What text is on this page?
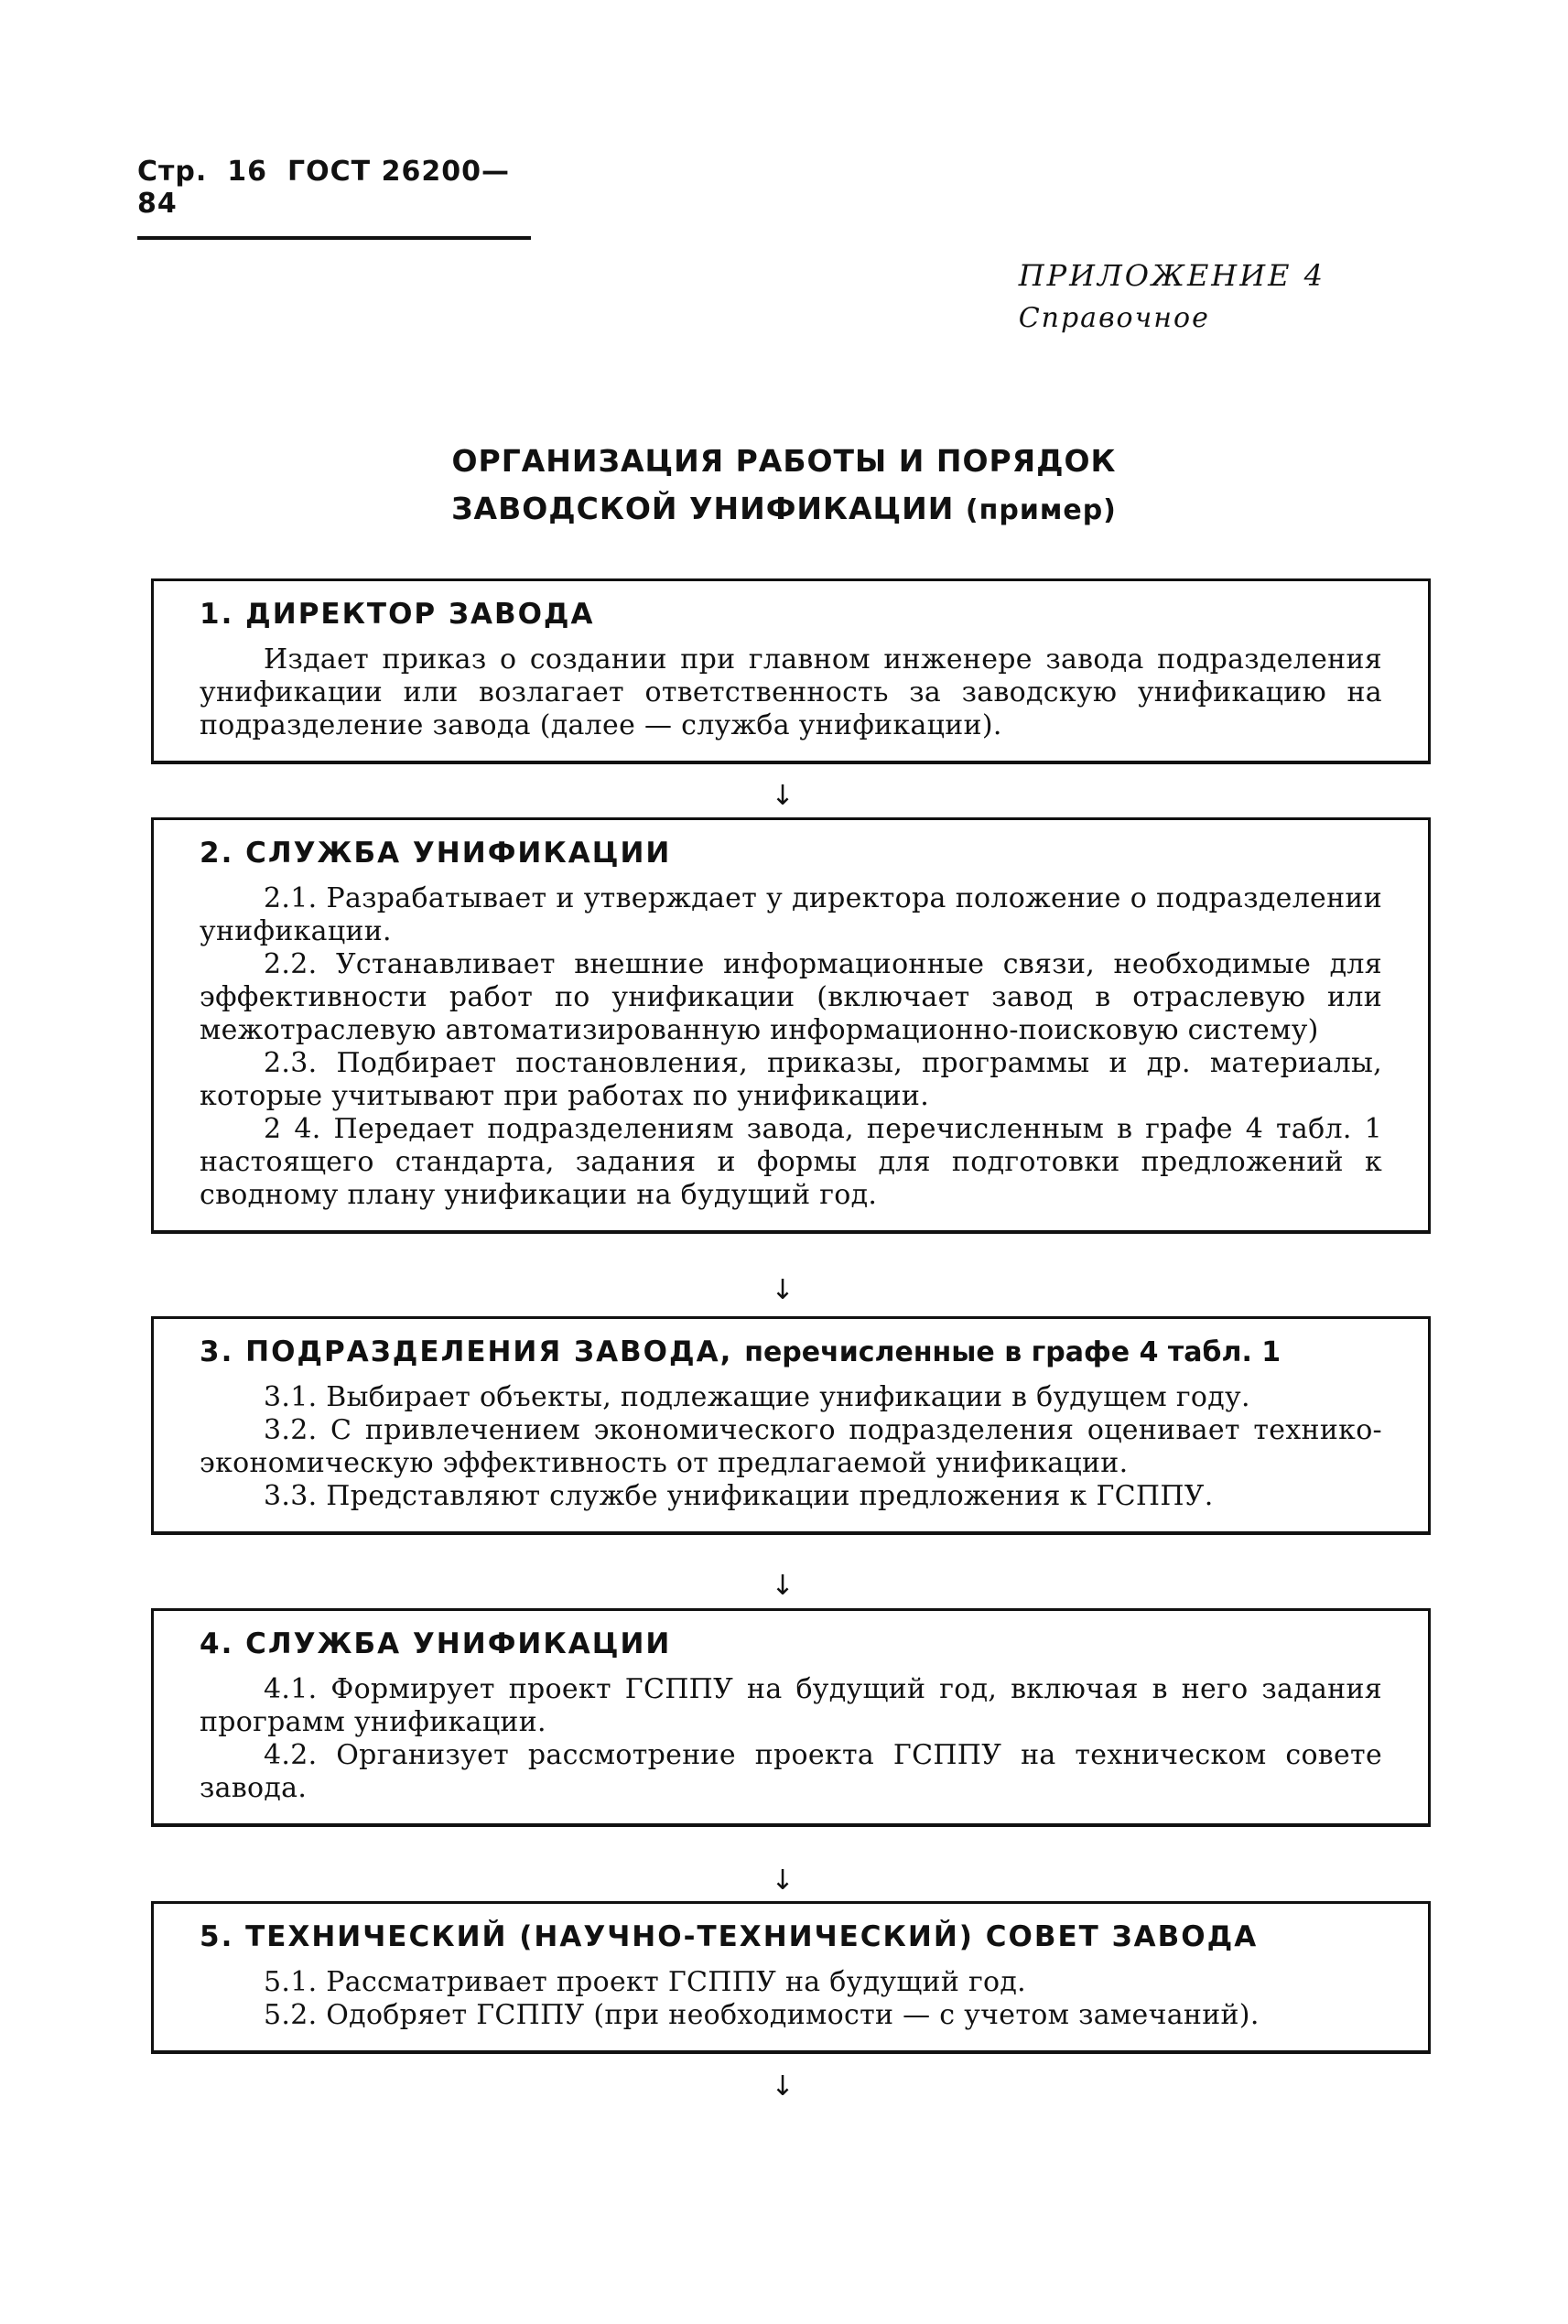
Стр. 16 ГОСТ 26200—84
ПРИЛОЖЕНИЕ 4
Справочное
ОРГАНИЗАЦИЯ РАБОТЫ И ПОРЯДОК
ЗАВОДСКОЙ УНИФИКАЦИИ (пример)
1. ДИРЕКТОР ЗАВОДА
Издает приказ о создании при главном инженере завода подразделения унификации или возлагает ответственность за заводскую унификацию на подразделение завода (далее — служба унификации).
↓
2. СЛУЖБА УНИФИКАЦИИ
2.1. Разрабатывает и утверждает у директора положение о подразделении унификации.
2.2. Устанавливает внешние информационные связи, необходимые для эффективности работ по унификации (включает завод в отраслевую или межотраслевую автоматизированную информационно-поисковую систему)
2.3. Подбирает постановления, приказы, программы и др. материалы, которые учитывают при работах по унификации.
2 4. Передает подразделениям завода, перечисленным в графе 4 табл. 1 настоящего стандарта, задания и формы для подготовки предложений к сводному плану унификации на будущий год.
↓
3. ПОДРАЗДЕЛЕНИЯ ЗАВОДА, перечисленные в графе 4 табл. 1
3.1. Выбирает объекты, подлежащие унификации в будущем году.
3.2. С привлечением экономического подразделения оценивает технико-экономическую эффективность от предлагаемой унификации.
3.3. Представляют службе унификации предложения к ГСППУ.
↓
4. СЛУЖБА УНИФИКАЦИИ
4.1. Формирует проект ГСППУ на будущий год, включая в него задания программ унификации.
4.2. Организует рассмотрение проекта ГСППУ на техническом совете завода.
↓
5. ТЕХНИЧЕСКИЙ (НАУЧНО-ТЕХНИЧЕСКИЙ) СОВЕТ ЗАВОДА
5.1. Рассматривает проект ГСППУ на будущий год.
5.2. Одобряет ГСППУ (при необходимости — с учетом замечаний).
↓
